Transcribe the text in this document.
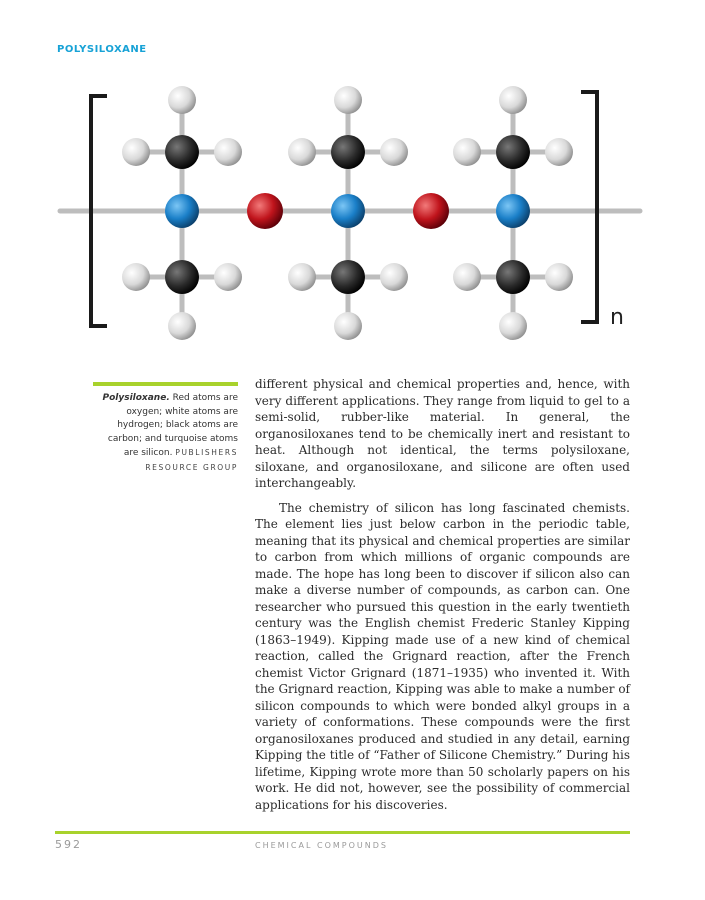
POLYSILOXANE
n
Polysiloxane. Red atoms are oxygen; white atoms are hydrogen; black atoms are carbon; and turquoise atoms are silicon. PUBLISHERS RESOURCE GROUP

different physical and chemical properties and, hence, with very different applications. They range from liquid to gel to a semi-solid, rubber-like material. In general, the organosiloxanes tend to be chemically inert and resistant to heat. Although not identical, the terms polysiloxane, siloxane, and organosiloxane, and silicone are often used interchangeably.

The chemistry of silicon has long fascinated chemists. The element lies just below carbon in the periodic table, meaning that its physical and chemical properties are similar to carbon from which millions of organic compounds are made. The hope has long been to discover if silicon also can make a diverse number of compounds, as carbon can. One researcher who pursued this question in the early twentieth century was the English chemist Frederic Stanley Kipping (1863–1949). Kipping made use of a new kind of chemical reaction, called the Grignard reaction, after the French chemist Victor Grignard (1871–1935) who invented it. With the Grignard reaction, Kipping was able to make a number of silicon compounds to which were bonded alkyl groups in a variety of conformations. These compounds were the first organosiloxanes produced and studied in any detail, earning Kipping the title of “Father of Silicone Chemistry.” During his lifetime, Kipping wrote more than 50 scholarly papers on his work. He did not, however, see the possibility of commercial applications for his discoveries.

592	CHEMICAL COMPOUNDS
